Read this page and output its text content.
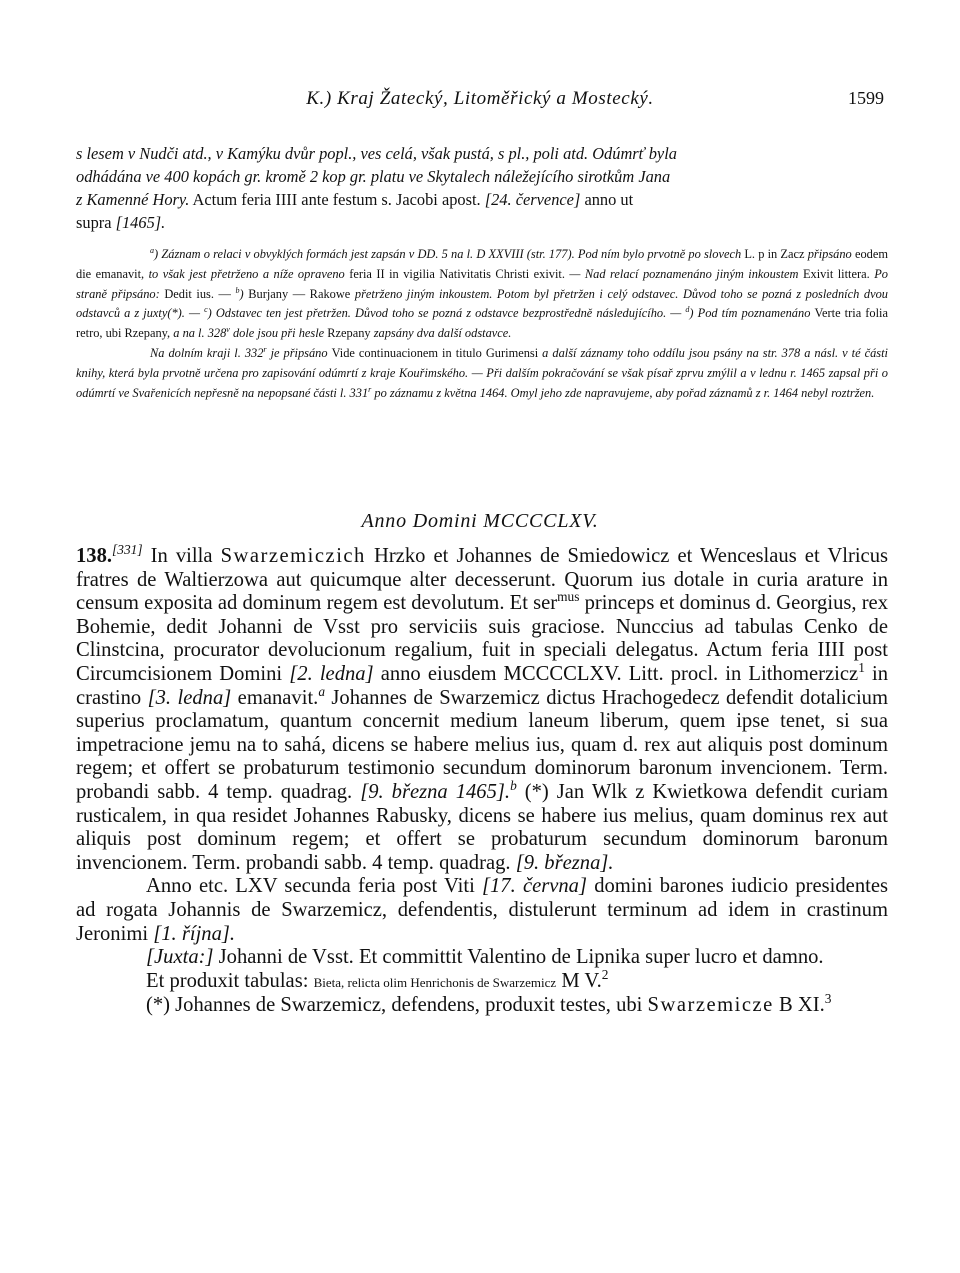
K.) Kraj Žatecký, Litoměřický a Mostecký.	1599
s lesem v Nudči atd., v Kamýku dvůr popl., ves celá, však pustá, s pl., poli atd. Odúmrť byla
odhádána ve 400 kopách gr. kromě 2 kop gr. platu ve Skytalech náležejícího sirotkům Jana
z Kamenné Hory. Actum feria IIII ante festum s. Jacobi apost. [24. července] anno ut
supra [1465].

$^a$) Záznam o relaci v obvyklých formách jest zapsán v DD. 5 na l. D XXVIII (str. 177). Pod ním bylo prvotně po slovech L. p in Zacz připsáno eodem die emanavit, to však jest přetrženo a níže opraveno feria II in vigilia Nativitatis Christi exivit. — Nad relací poznamenáno jiným inkoustem Exivit littera. Po straně připsáno: Dedit ius. — $^b$) Burjany — Rakowe přetrženo jiným inkoustem. Potom byl přetržen i celý odstavec. Důvod toho se pozná z posledních dvou odstavců a z juxty(*). — $^c$) Odstavec ten jest přetržen. Důvod toho se pozná z odstavce bezprostředně následujícího. — $^d$) Pod tím poznamenáno Verte tria folia retro, ubi Rzepany, a na l. 328$^v$ dole jsou při hesle Rzepany zapsány dva další odstavce.

Na dolním kraji l. 332$^r$ je připsáno Vide continuacionem in titulo Gurimensi a další záznamy toho oddílu jsou psány na str. 378 a násl. v té části knihy, která byla prvotně určena pro zapisování odúmrtí z kraje Kouřimského. — Při dalším pokračování se však písař zprvu zmýlil a v lednu r. 1465 zapsal při o odúmrtí ve Svařenicích nepřesně na nepopsané části l. 331$^r$ po záznamu z května 1464. Omyl jeho zde napravujeme, aby pořad záznamů z r. 1464 nebyl roztržen.

Anno Domini MCCCCLXV.

138.[331] In villa Swarzemiczich Hrzko et Johannes de Smiedowicz et Wenceslaus et Vlricus fratres de Waltierzowa aut quicumque alter decesserunt. Quorum ius dotale in curia arature in censum exposita ad dominum regem est devolutum. Et ser$^{mus}$ princeps et dominus d. Georgius, rex Bohemie, dedit Johanni de Vsst pro serviciis suis graciose. Nunccius ad tabulas Cenko de Clinstcina, procurator devolucionum regalium, fuit in speciali delegatus. Actum feria IIII post Circumcisionem Domini [2. ledna] anno eiusdem MCCCCLXV. Litt. procl. in Lithomerzicz$^1$ in crastino [3. ledna] emanavit.$^a$ Johannes de Swarzemicz dictus Hrachogedecz defendit dotalicium superius proclamatum, quantum concernit medium laneum liberum, quem ipse tenet, si sua impetracione jemu na to sahá, dicens se habere melius ius, quam d. rex aut aliquis post dominum regem; et offert se probaturum testimonio secundum dominorum baronum invencionem. Term. probandi sabb. 4 temp. quadrag. [9. března 1465].$^b$ (*) Jan Wlk z Kwietkowa defendit curiam rusticalem, in qua residet Johannes Rabusky, dicens se habere ius melius, quam dominus rex aut aliquis post dominum regem; et offert se probaturum secundum dominorum baronum invencionem. Term. probandi sabb. 4 temp. quadrag. [9. března].

Anno etc. LXV secunda feria post Viti [17. června] domini barones iudicio presidentes ad rogata Johannis de Swarzemicz, defendentis, distulerunt terminum ad idem in crastinum Jeronimi [1. října].

[Juxta:] Johanni de Vsst. Et committit Valentino de Lipnika super lucro et damno.

Et produxit tabulas: Bieta, relicta olim Henrichonis de Swarzemicz M V.$^2$

(*) Johannes de Swarzemicz, defendens, produxit testes, ubi Swarzemicze B XI.$^3$
